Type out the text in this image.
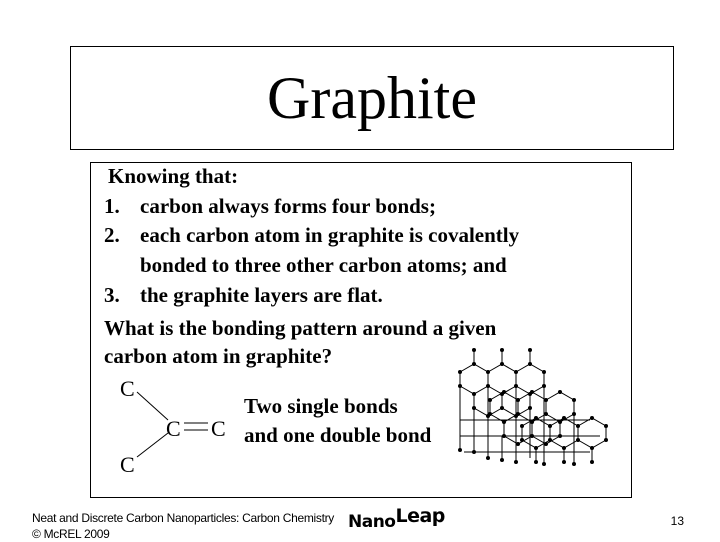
Graphite
Knowing that:
1. carbon always forms four bonds;
2. each carbon atom in graphite is covalently
bonded to three other carbon atoms; and
3. the graphite layers are flat.
What is the bonding pattern around a given
carbon atom in graphite?
C
C C
C
Two single bonds
and one double bond
Neat and Discrete Carbon Nanoparticles: Carbon Chemistry
© McREL 2009
NanoLeap	13
